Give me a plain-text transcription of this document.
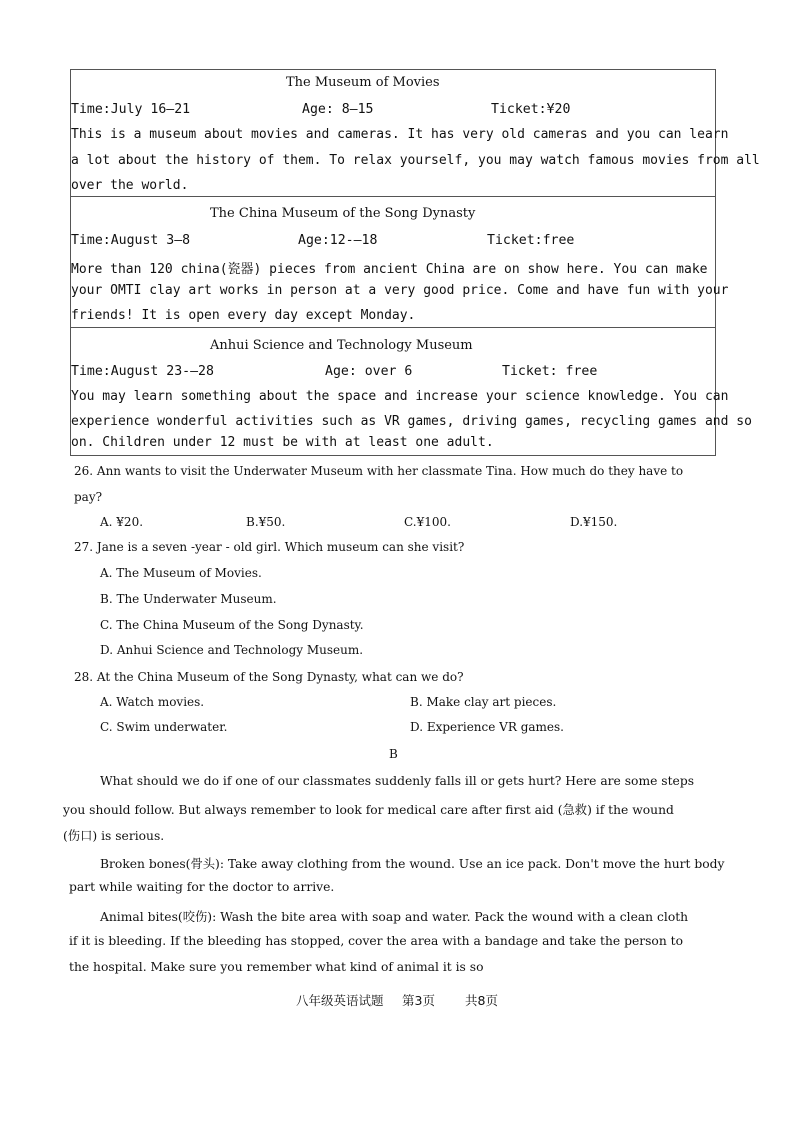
The Museum of Movies
Time:July 16—21	Age: 8—15	Ticket:¥20
This is a museum about movies and cameras. It has very old cameras and you can learn
a lot about the history of them. To relax yourself, you may watch famous movies from all
over the world.
The China Museum of the Song Dynasty
Time:August 3—8	Age:12-—18	Ticket:free
More than 120 china(瓷器) pieces from ancient China are on show here. You can make
your OMTI clay art works in person at a very good price. Come and have fun with your
friends! It is open every day except Monday.
Anhui Science and Technology Museum
Time:August 23-—28	Age: over 6	Ticket: free
You may learn something about the space and increase your science knowledge. You can
experience wonderful activities such as VR games, driving games, recycling games and so
on. Children under 12 must be with at least one adult.
26. Ann wants to visit the Underwater Museum with her classmate Tina. How much do they have to
pay?
A. ¥20.	B.¥50.	C.¥100.	D.¥150.
27. Jane is a seven -year - old girl. Which museum can she visit?
A. The Museum of Movies.
B. The Underwater Museum.
C. The China Museum of the Song Dynasty.
D. Anhui Science and Technology Museum.
28. At the China Museum of the Song Dynasty, what can we do?
A. Watch movies.	B. Make clay art pieces.
C. Swim underwater.	D. Experience VR games.
B
What should we do if one of our classmates suddenly falls ill or gets hurt? Here are some steps
you should follow. But always remember to look for medical care after first aid (急救) if the wound
(伤口) is serious.
Broken bones(骨头): Take away clothing from the wound. Use an ice pack. Don't move the hurt body
part while waiting for the doctor to arrive.
Animal bites(咬伤): Wash the bite area with soap and water. Pack the wound with a clean cloth
if it is bleeding. If the bleeding has stopped, cover the area with a bandage and take the person to
the hospital. Make sure you remember what kind of animal it is so
八年级英语试题 第3页 共8页
